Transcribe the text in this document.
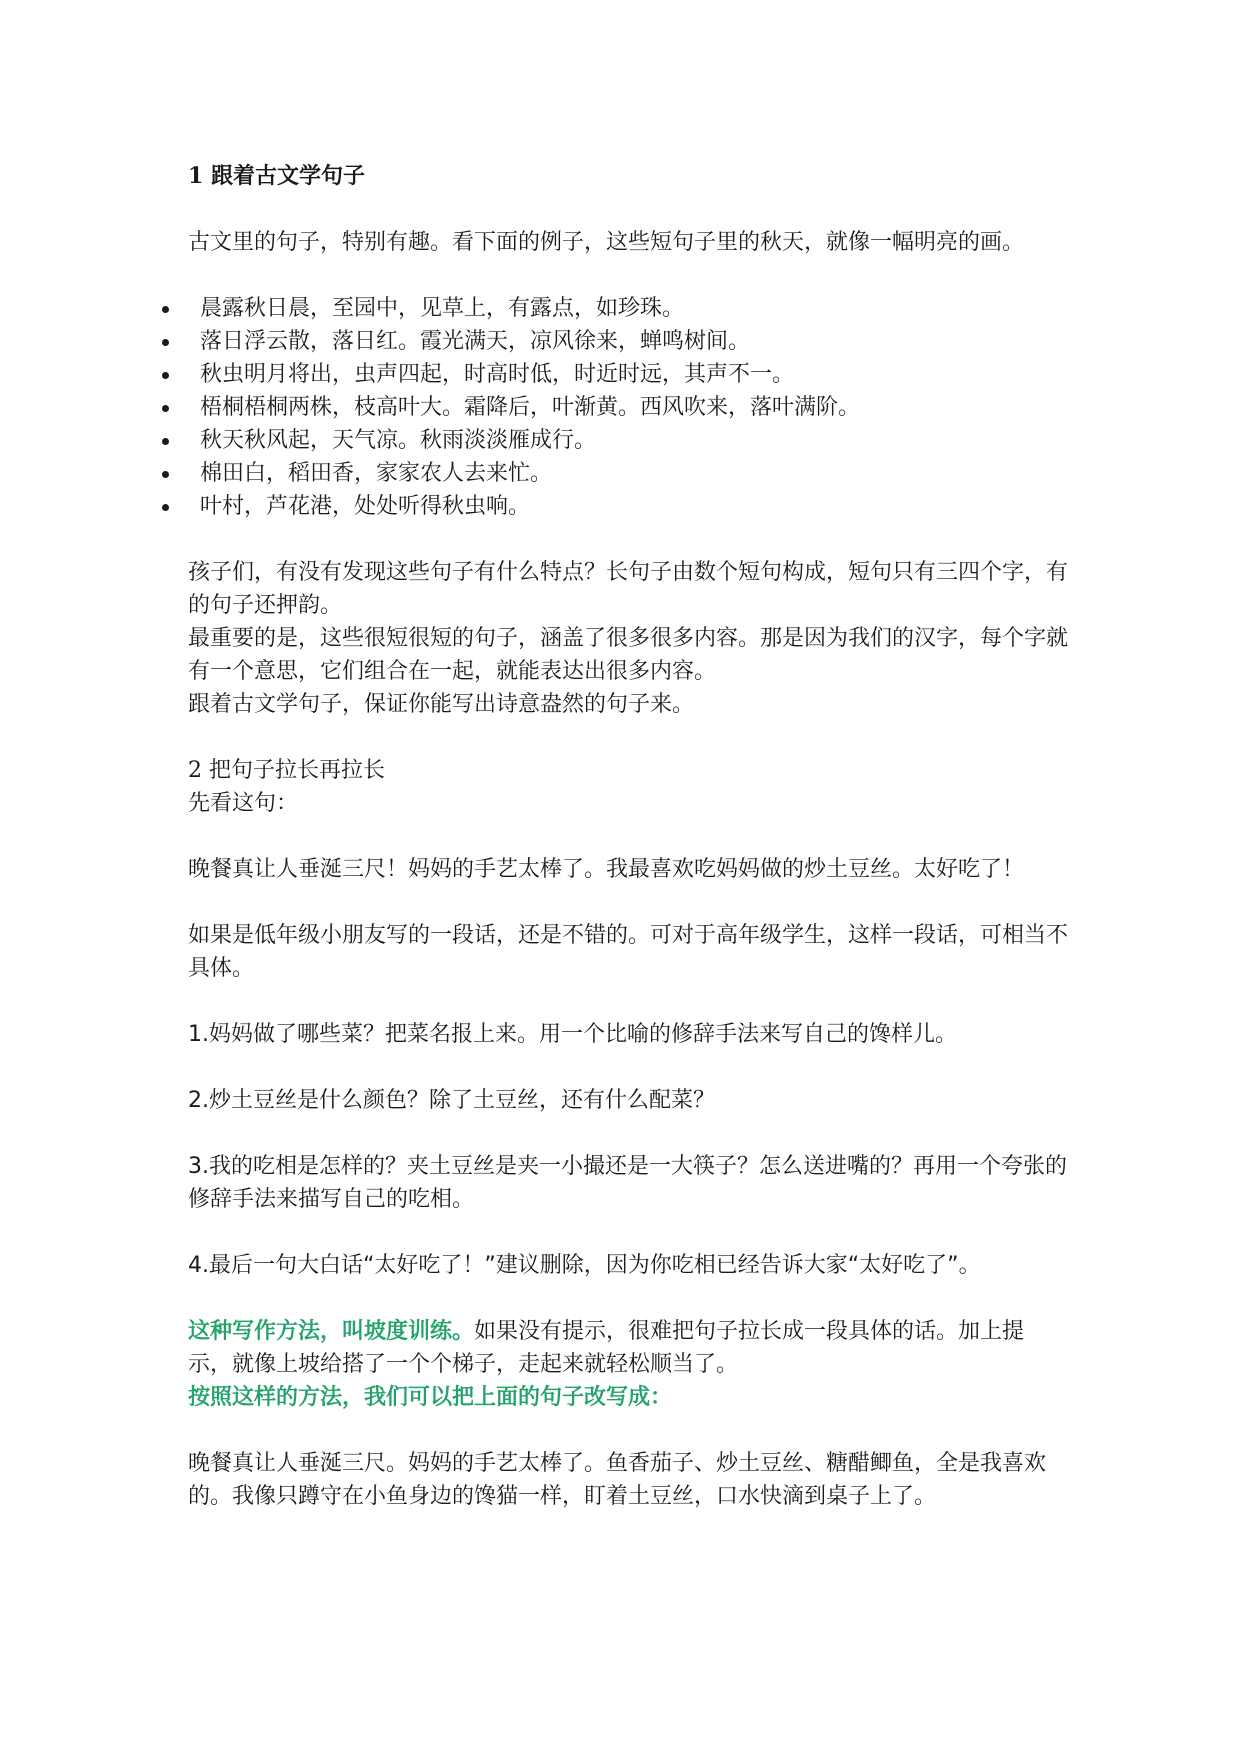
1 跟着古文学句子

古文里的句子，特别有趣。看下面的例子，这些短句子里的秋天，就像一幅明亮的画。

晨露秋日晨，至园中，见草上，有露点，如珍珠。
落日浮云散，落日红。霞光满天，凉风徐来，蝉鸣树间。
秋虫明月将出，虫声四起，时高时低，时近时远，其声不一。
梧桐梧桐两株，枝高叶大。霜降后，叶渐黄。西风吹来，落叶满阶。
秋天秋风起，天气凉。秋雨淡淡雁成行。
棉田白，稻田香，家家农人去来忙。
叶村，芦花港，处处听得秋虫响。

孩子们，有没有发现这些句子有什么特点？长句子由数个短句构成，短句只有三四个字，有的句子还押韵。

最重要的是，这些很短很短的句子，涵盖了很多很多内容。那是因为我们的汉字，每个字就有一个意思，它们组合在一起，就能表达出很多内容。

跟着古文学句子，保证你能写出诗意盎然的句子来。

2 把句子拉长再拉长

先看这句：

晚餐真让人垂涎三尺！妈妈的手艺太棒了。我最喜欢吃妈妈做的炒土豆丝。太好吃了！

如果是低年级小朋友写的一段话，还是不错的。可对于高年级学生，这样一段话，可相当不具体。

1.妈妈做了哪些菜？把菜名报上来。用一个比喻的修辞手法来写自己的馋样儿。

2.炒土豆丝是什么颜色？除了土豆丝，还有什么配菜？

3.我的吃相是怎样的？夹土豆丝是夹一小撮还是一大筷子？怎么送进嘴的？再用一个夸张的修辞手法来描写自己的吃相。

4.最后一句大白话“太好吃了！”建议删除，因为你吃相已经告诉大家“太好吃了”。

这种写作方法，叫坡度训练。如果没有提示，很难把句子拉长成一段具体的话。加上提示，就像上坡给搭了一个个梯子，走起来就轻松顺当了。

按照这样的方法，我们可以把上面的句子改写成：

晚餐真让人垂涎三尺。妈妈的手艺太棒了。鱼香茄子、炒土豆丝、糖醋鲫鱼，全是我喜欢的。我像只蹲守在小鱼身边的馋猫一样，盯着土豆丝，口水快滴到桌子上了。
